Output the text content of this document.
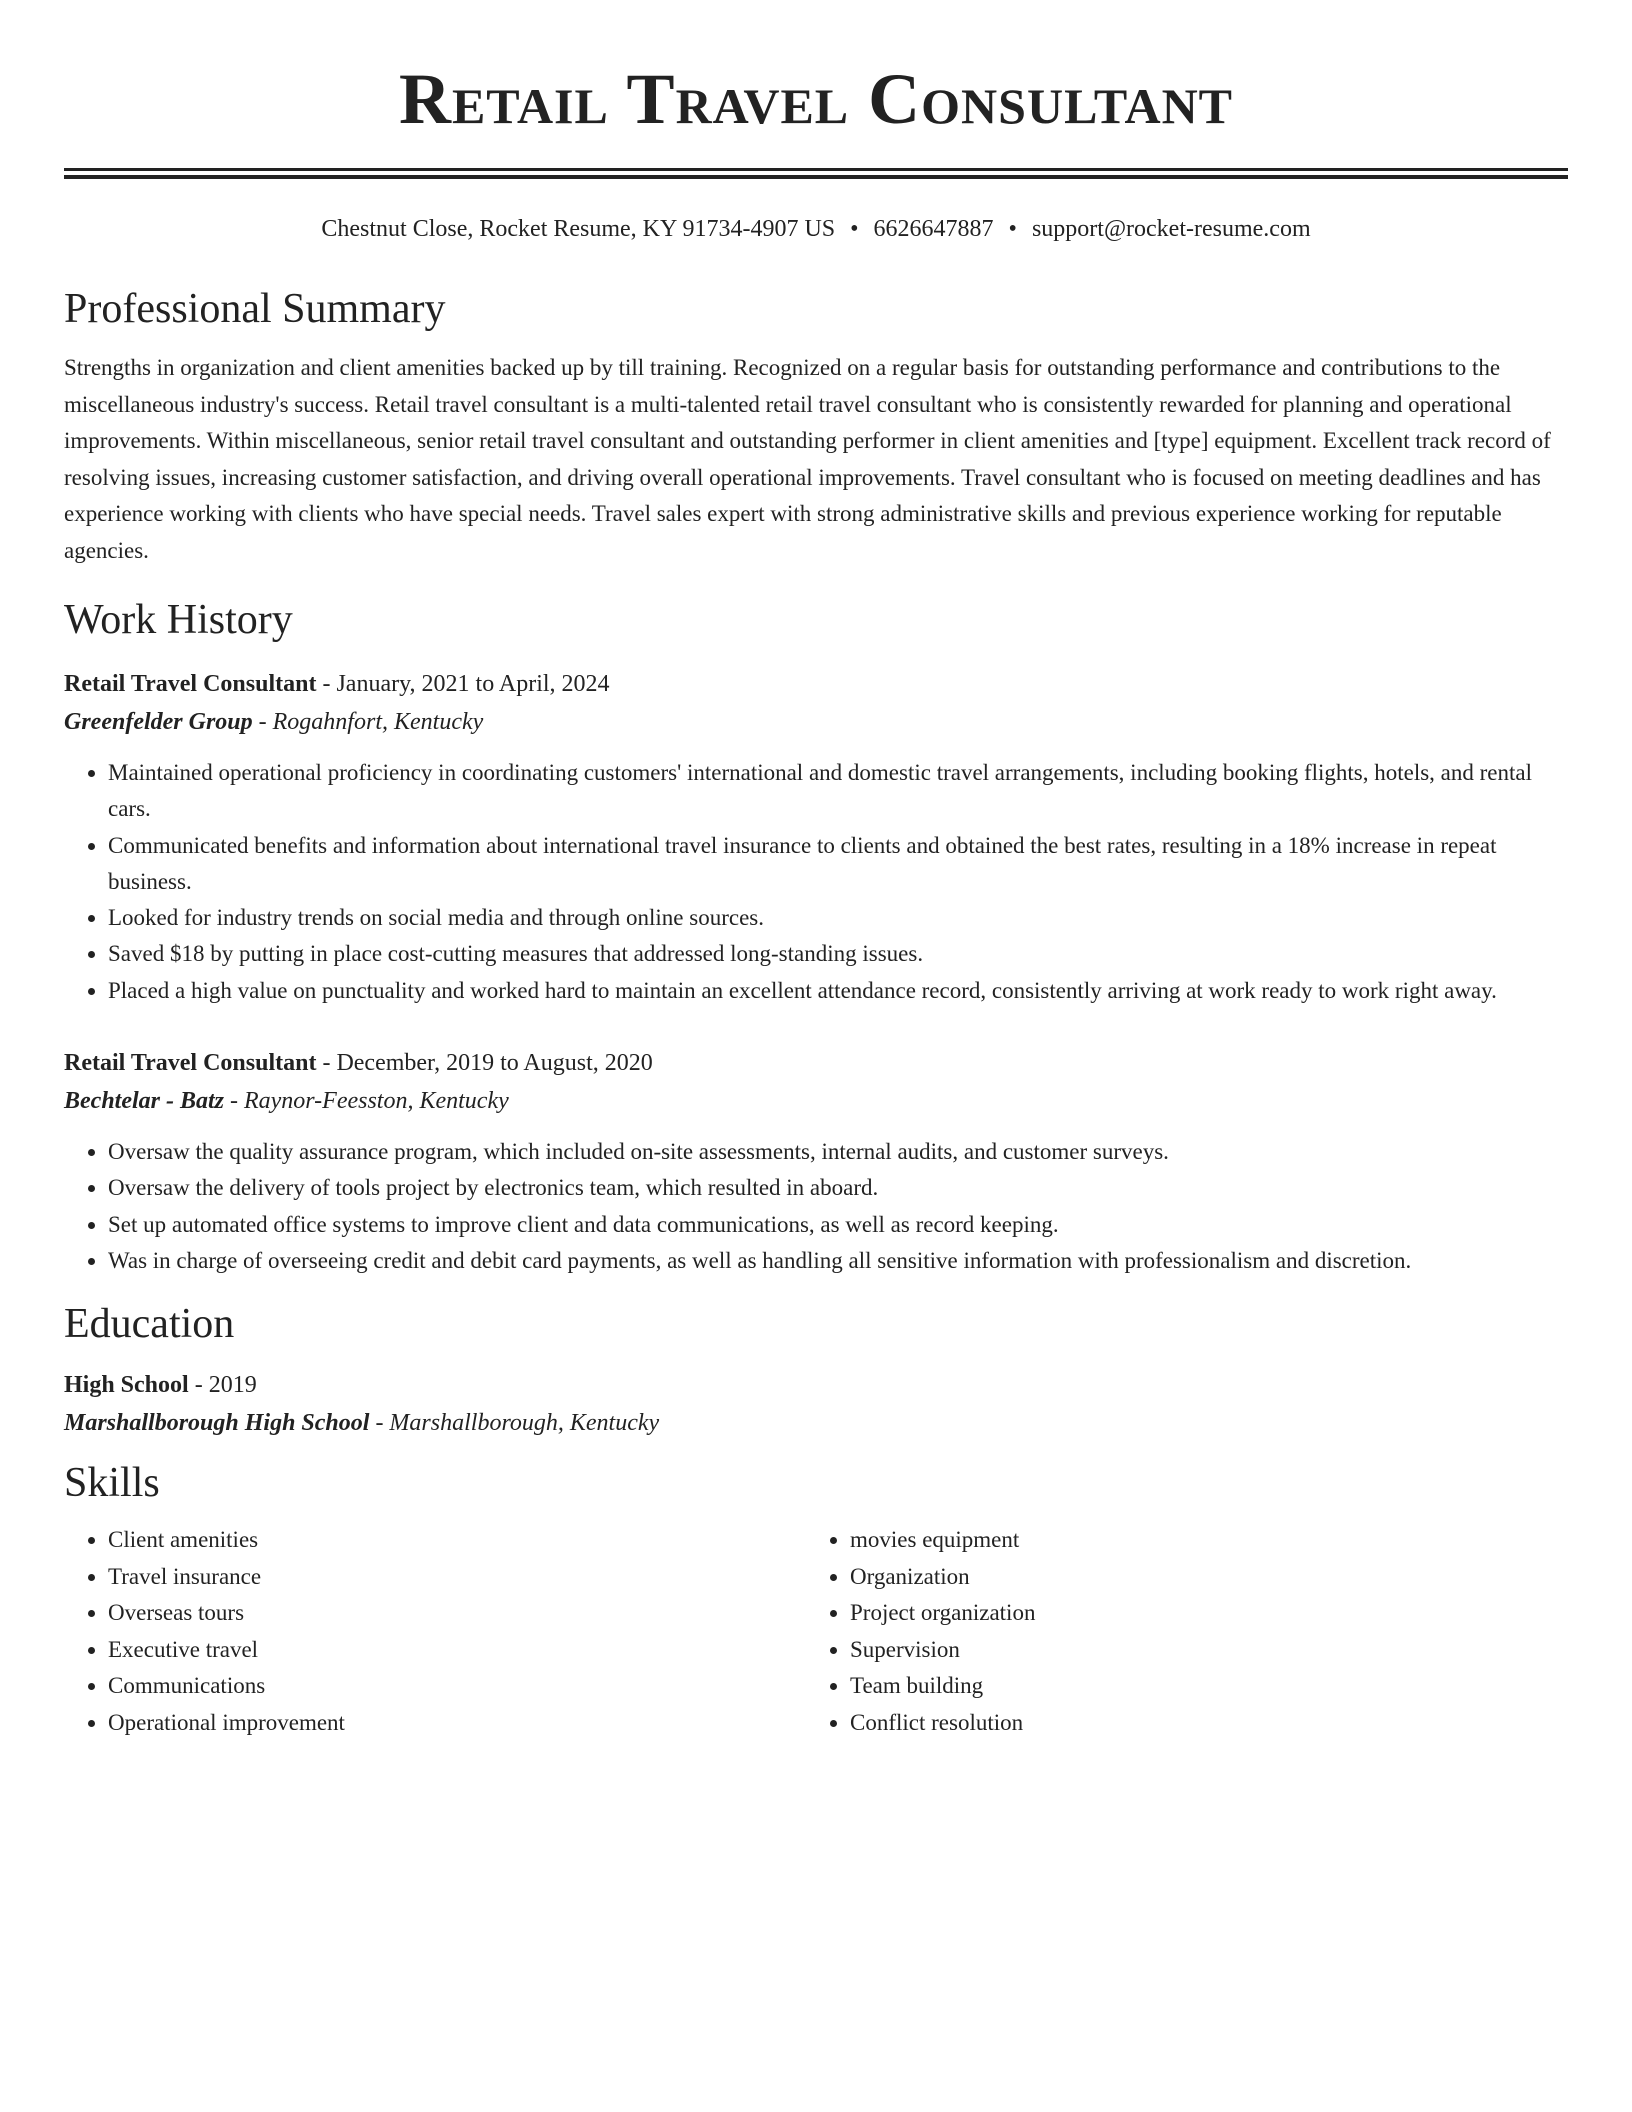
Retail Travel Consultant
Chestnut Close, Rocket Resume, KY 91734-4907 US • 6626647887 • support@rocket-resume.com
Professional Summary

Strengths in organization and client amenities backed up by till training. Recognized on a regular basis for outstanding performance and contributions to the miscellaneous industry's success. Retail travel consultant is a multi-talented retail travel consultant who is consistently rewarded for planning and operational improvements. Within miscellaneous, senior retail travel consultant and outstanding performer in client amenities and [type] equipment. Excellent track record of resolving issues, increasing customer satisfaction, and driving overall operational improvements. Travel consultant who is focused on meeting deadlines and has experience working with clients who have special needs. Travel sales expert with strong administrative skills and previous experience working for reputable agencies.

Work History
Retail Travel Consultant - January, 2021 to April, 2024
Greenfelder Group - Rogahnfort, Kentucky
• Maintained operational proficiency in coordinating customers' international and domestic travel arrangements, including booking flights, hotels, and rental cars.
• Communicated benefits and information about international travel insurance to clients and obtained the best rates, resulting in a 18% increase in repeat business.
• Looked for industry trends on social media and through online sources.
• Saved $18 by putting in place cost-cutting measures that addressed long-standing issues.
• Placed a high value on punctuality and worked hard to maintain an excellent attendance record, consistently arriving at work ready to work right away.
Retail Travel Consultant - December, 2019 to August, 2020
Bechtelar - Batz - Raynor-Feesston, Kentucky
• Oversaw the quality assurance program, which included on-site assessments, internal audits, and customer surveys.
• Oversaw the delivery of tools project by electronics team, which resulted in aboard.
• Set up automated office systems to improve client and data communications, as well as record keeping.
• Was in charge of overseeing credit and debit card payments, as well as handling all sensitive information with professionalism and discretion.
Education
High School - 2019
Marshallborough High School - Marshallborough, Kentucky
Skills
• Client amenities
• Travel insurance
• Overseas tours
• Executive travel
• Communications
• Operational improvement
• movies equipment
• Organization
• Project organization
• Supervision
• Team building
• Conflict resolution
